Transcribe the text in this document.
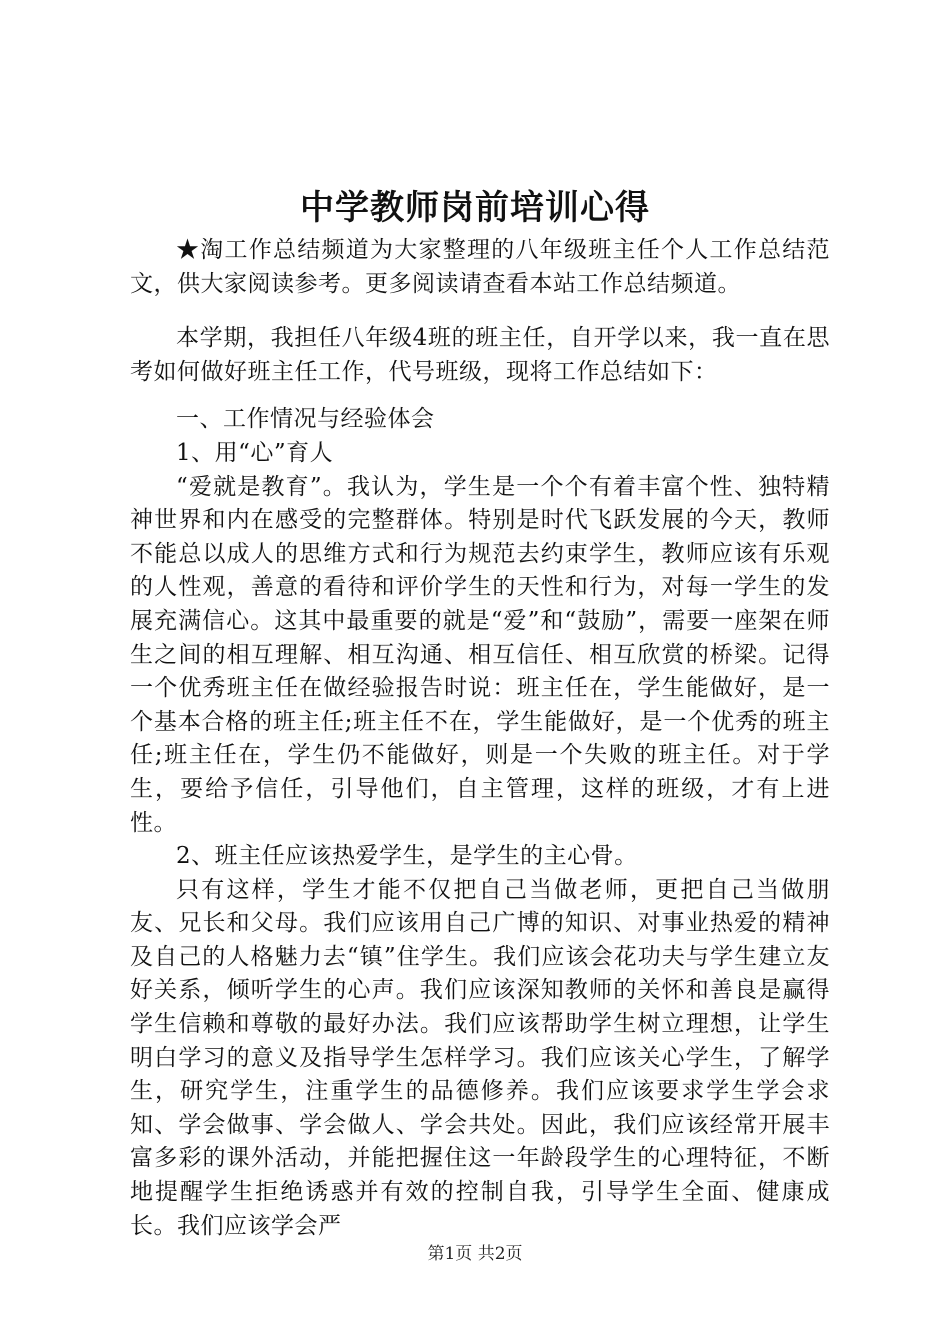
中学教师岗前培训心得

★淘工作总结频道为大家整理的八年级班主任个人工作总结范文，供大家阅读参考。更多阅读请查看本站工作总结频道。

本学期，我担任八年级4班的班主任，自开学以来，我一直在思考如何做好班主任工作，代号班级，现将工作总结如下：

一、工作情况与经验体会

1、用“心”育人

“爱就是教育”。我认为，学生是一个个有着丰富个性、独特精神世界和内在感受的完整群体。特别是时代飞跃发展的今天，教师不能总以成人的思维方式和行为规范去约束学生，教师应该有乐观的人性观，善意的看待和评价学生的天性和行为，对每一学生的发展充满信心。这其中最重要的就是“爱”和“鼓励”，需要一座架在师生之间的相互理解、相互沟通、相互信任、相互欣赏的桥梁。记得一个优秀班主任在做经验报告时说：班主任在，学生能做好，是一个基本合格的班主任;班主任不在，学生能做好，是一个优秀的班主任;班主任在，学生仍不能做好，则是一个失败的班主任。对于学生，要给予信任，引导他们，自主管理，这样的班级，才有上进性。

2、班主任应该热爱学生，是学生的主心骨。

只有这样，学生才能不仅把自己当做老师，更把自己当做朋友、兄长和父母。我们应该用自己广博的知识、对事业热爱的精神及自己的人格魅力去“镇”住学生。我们应该会花功夫与学生建立友好关系，倾听学生的心声。我们应该深知教师的关怀和善良是赢得学生信赖和尊敬的最好办法。我们应该帮助学生树立理想，让学生明白学习的意义及指导学生怎样学习。我们应该关心学生，了解学生，研究学生，注重学生的品德修养。我们应该要求学生学会求知、学会做事、学会做人、学会共处。因此，我们应该经常开展丰富多彩的课外活动，并能把握住这一年龄段学生的心理特征，不断地提醒学生拒绝诱惑并有效的控制自我，引导学生全面、健康成长。我们应该学会严

第1页 共2页
